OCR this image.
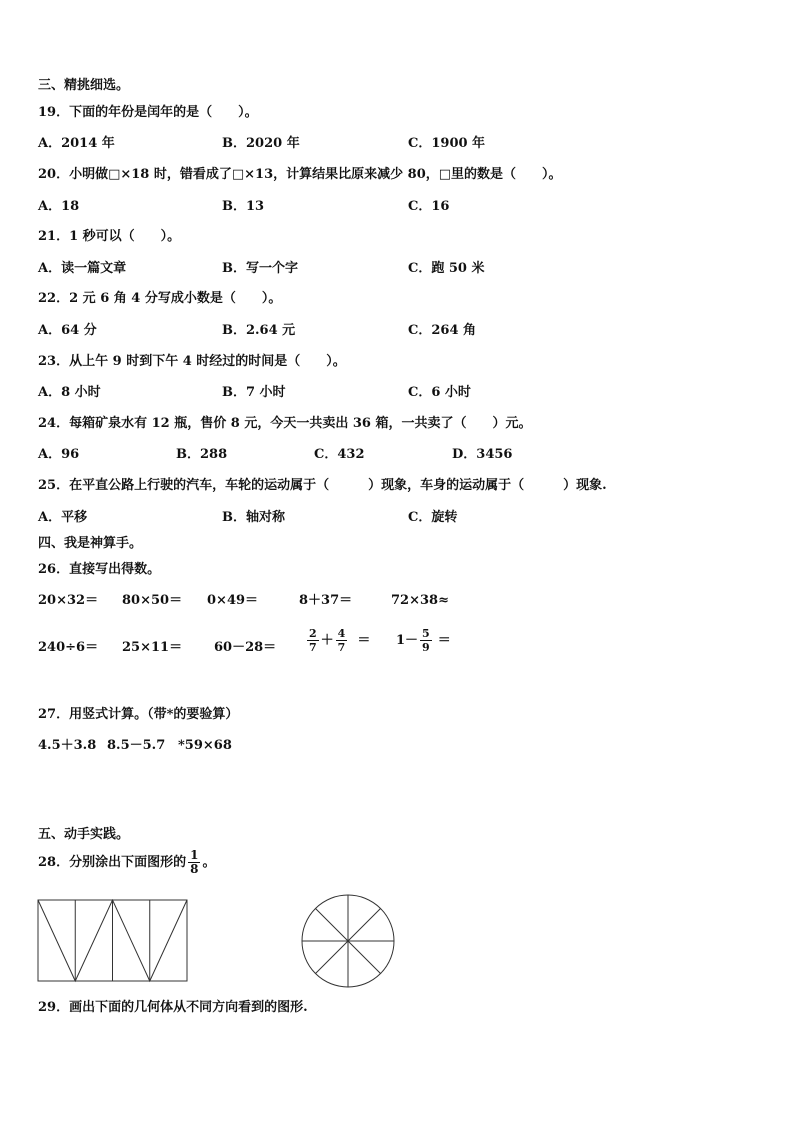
三、精挑细选。
19．下面的年份是闰年的是（　　）。
A．2014 年	B．2020 年	C．1900 年
20．小明做□×18 时，错看成了□×13，计算结果比原来减少 80，□里的数是（　　）。
A．18	B．13	C．16
21．1 秒可以（　　）。
A．读一篇文章	B．写一个字	C．跑 50 米
22．2 元 6 角 4 分写成小数是（　　）。
A．64 分	B．2.64 元	C．264 角
23．从上午 9 时到下午 4 时经过的时间是（　　）。
A．8 小时	B．7 小时	C．6 小时
24．每箱矿泉水有 12 瓶，售价 8 元，今天一共卖出 36 箱，一共卖了（　　）元。
A．96	B．288	C．432	D．3456
25．在平直公路上行驶的汽车，车轮的运动属于（　　　）现象，车身的运动属于（　　　）现象.
A．平移	B．轴对称	C．旋转
四、我是神算手。
26．直接写出得数。
20×32＝ 80×50＝ 0×49＝	8＋37＝	72×38≈
240÷6＝ 25×11＝ 60－28＝	$\frac{2}{7} + \frac{4}{7} = 1- \frac{5}{9}$ ＝
27．用竖式计算。（带*的要验算）
4.5＋3.8 8.5－5.7 *59×68
五、动手实践。
28．分别涂出下面图形的 $\frac{1}{8}$ 。
29．画出下面的几何体从不同方向看到的图形.
